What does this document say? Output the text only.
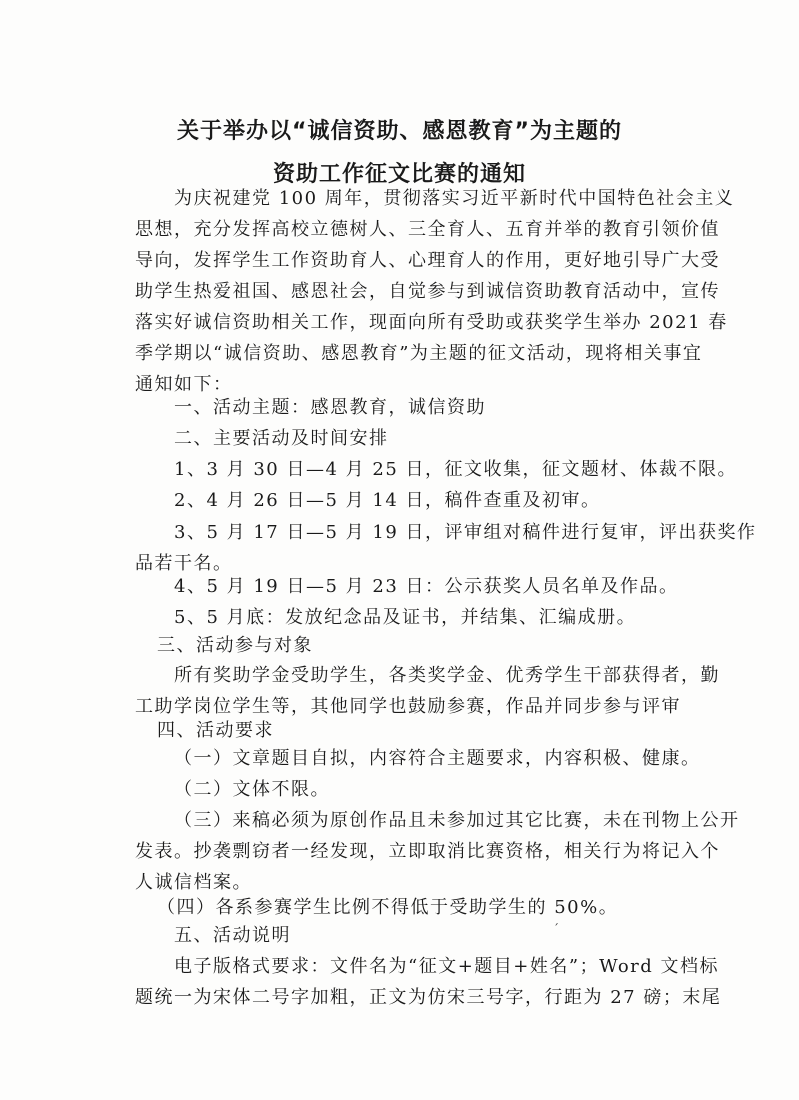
关于举办以“诚信资助、感恩教育”为主题的
资助工作征文比赛的通知
为庆祝建党 100 周年，贯彻落实习近平新时代中国特色社会主义
思想，充分发挥高校立德树人、三全育人、五育并举的教育引领价值
导向，发挥学生工作资助育人、心理育人的作用，更好地引导广大受
助学生热爱祖国、感恩社会，自觉参与到诚信资助教育活动中，宣传
落实好诚信资助相关工作，现面向所有受助或获奖学生举办 2021 春
季学期以“诚信资助、感恩教育”为主题的征文活动，现将相关事宜
通知如下：
一、活动主题：感恩教育，诚信资助
二、主要活动及时间安排
1、3 月 30 日—4 月 25 日，征文收集，征文题材、体裁不限。
2、4 月 26 日—5 月 14 日，稿件查重及初审。
3、5 月 17 日—5 月 19 日，评审组对稿件进行复审，评出获奖作
品若干名。
4、5 月 19 日—5 月 23 日：公示获奖人员名单及作品。
5、5 月底：发放纪念品及证书，并结集、汇编成册。
三、活动参与对象
所有奖助学金受助学生，各类奖学金、优秀学生干部获得者，勤
工助学岗位学生等，其他同学也鼓励参赛，作品并同步参与评审
四、活动要求
（一）文章题目自拟，内容符合主题要求，内容积极、健康。
（二）文体不限。
（三）来稿必须为原创作品且未参加过其它比赛，未在刊物上公开
发表。抄袭剽窃者一经发现，立即取消比赛资格，相关行为将记入个
人诚信档案。
（四）各系参赛学生比例不得低于受助学生的 50%。
五、活动说明	ˊ
电子版格式要求：文件名为“征文+题目+姓名”；Word 文档标
题统一为宋体二号字加粗，正文为仿宋三号字，行距为 27 磅；末尾
